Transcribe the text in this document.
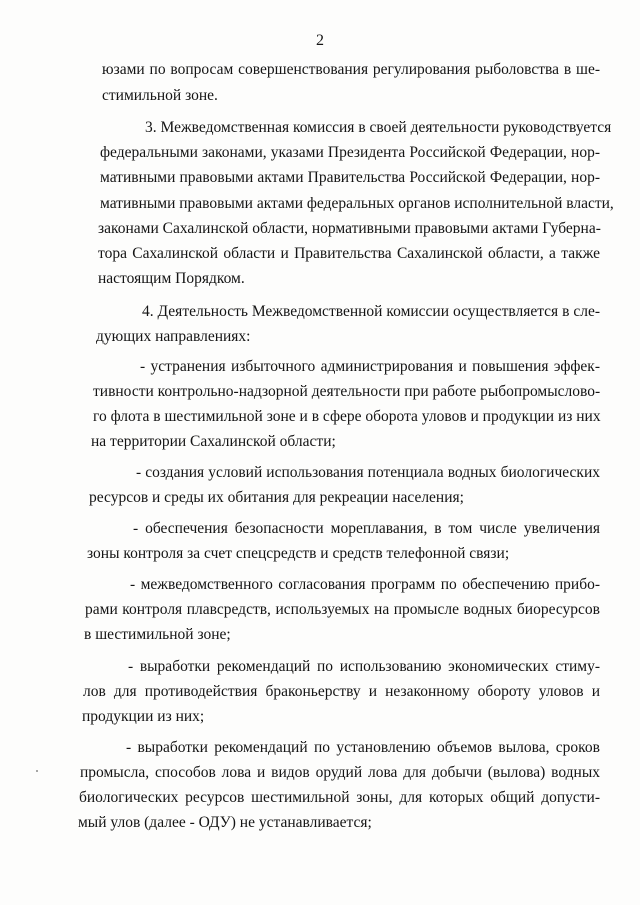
2
юзами по вопросам совершенствования регулирования рыболовства в ше-
стимильной зоне.
3. Межведомственная комиссия в своей деятельности руководствуется
федеральными законами, указами Президента Российской Федерации, нор-
мативными правовыми актами Правительства Российской Федерации, нор-
мативными правовыми актами федеральных органов исполнительной власти,
законами Сахалинской области, нормативными правовыми актами Губерна-
тора Сахалинской области и Правительства Сахалинской области, а также
настоящим Порядком.
4. Деятельность Межведомственной комиссии осуществляется в сле-
дующих направлениях:
- устранения избыточного администрирования и повышения эффек-
тивности контрольно-надзорной деятельности при работе рыбопромыслово-
го флота в шестимильной зоне и в сфере оборота уловов и продукции из них
на территории Сахалинской области;
- создания условий использования потенциала водных биологических
ресурсов и среды их обитания для рекреации населения;
- обеспечения безопасности мореплавания, в том числе увеличения
зоны контроля за счет спецсредств и средств телефонной связи;
- межведомственного согласования программ по обеспечению прибо-
рами контроля плавсредств, используемых на промысле водных биоресурсов
в шестимильной зоне;
- выработки рекомендаций по использованию экономических стиму-
лов для противодействия браконьерству и незаконному обороту уловов и
продукции из них;
- выработки рекомендаций по установлению объемов вылова, сроков
промысла, способов лова и видов орудий лова для добычи (вылова) водных
биологических ресурсов шестимильной зоны, для которых общий допусти-
мый улов (далее - ОДУ) не устанавливается;
